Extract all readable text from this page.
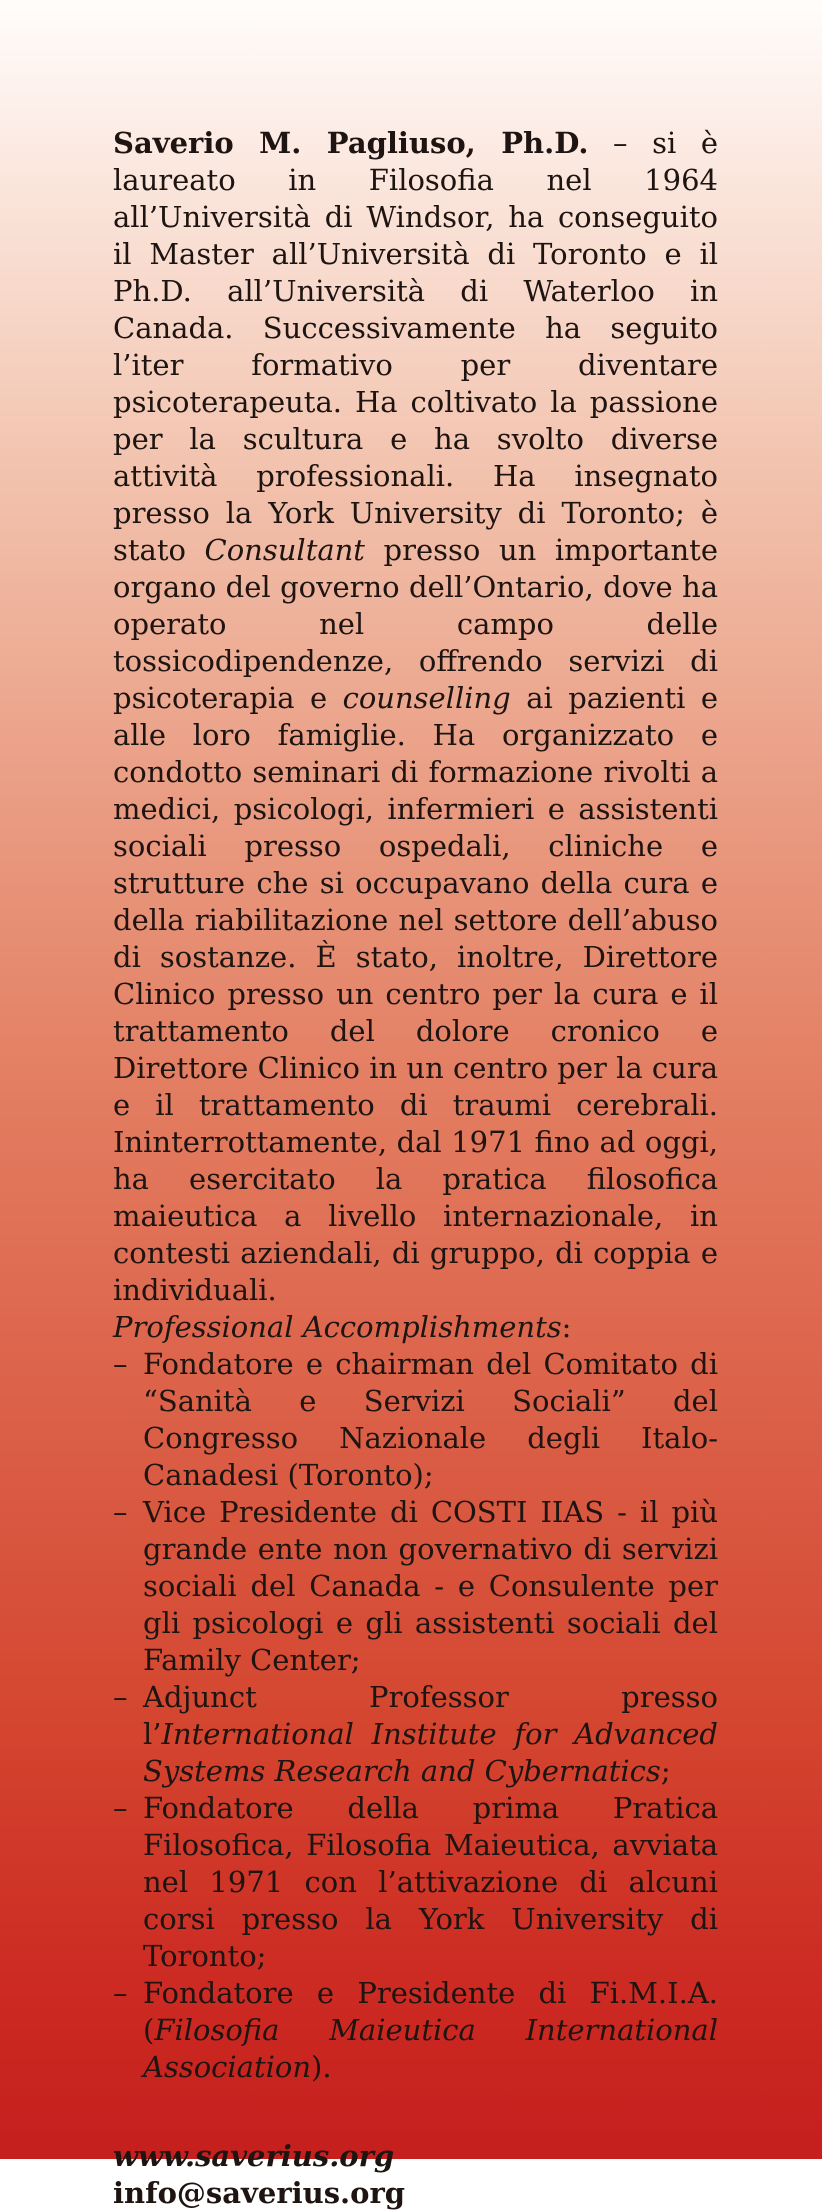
Saverio M. Pagliuso, Ph.D. – si è laureato in Filosofia nel 1964 all’Università di Windsor, ha conseguito il Master all’Università di Toronto e il Ph.D. all’Università di Waterloo in Canada. Successivamente ha seguito l’iter formativo per diventare psicoterapeuta. Ha coltivato la passione per la scultura e ha svolto diverse attività professionali. Ha insegnato presso la York University di Toronto; è stato Consultant presso un importante organo del governo dell’Ontario, dove ha operato nel campo delle tossicodipendenze, offrendo servizi di psicoterapia e counselling ai pazienti e alle loro famiglie. Ha organizzato e condotto seminari di formazione rivolti a medici, psicologi, infermieri e assistenti sociali presso ospedali, cliniche e strutture che si occupavano della cura e della riabilitazione nel settore dell’abuso di sostanze. È stato, inoltre, Direttore Clinico presso un centro per la cura e il trattamento del dolore cronico e Direttore Clinico in un centro per la cura e il trattamento di traumi cerebrali. Ininterrottamente, dal 1971 fino ad oggi, ha esercitato la pratica filosofica maieutica a livello internazionale, in contesti aziendali, di gruppo, di coppia e individuali.

Professional Accomplishments:

– Fondatore e chairman del Comitato di “Sanità e Servizi Sociali” del Congresso Nazionale degli Italo-Canadesi (Toronto);
– Vice Presidente di COSTI IIAS - il più grande ente non governativo di servizi sociali del Canada - e Consulente per gli psicologi e gli assistenti sociali del Family Center;
– Adjunct Professor presso l’International Institute for Advanced Systems Research and Cybernatics;
– Fondatore della prima Pratica Filosofica, Filosofia Maieutica, avviata nel 1971 con l’attivazione di alcuni corsi presso la York University di Toronto;
– Fondatore e Presidente di Fi.M.I.A. (Filosofia Maieutica International Association).
www.saverius.org
info@saverius.org
